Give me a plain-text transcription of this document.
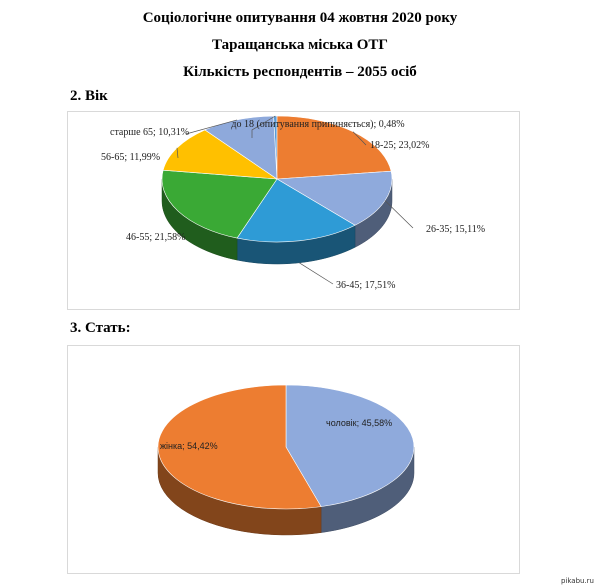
Соціологічне опитування 04 жовтня 2020 року
Таращанська міська ОТГ
Кількість респондентів – 2055 осіб
2. Вік
до 18 (опитування припиняється); 0,48%
18-25; 23,02%
26-35; 15,11%
36-45; 17,51%
46-55; 21,58%
56-65; 11,99%
старше 65; 10,31%
3. Стать:
чоловік; 45,58%
жінка; 54,42%
pikabu.ru
